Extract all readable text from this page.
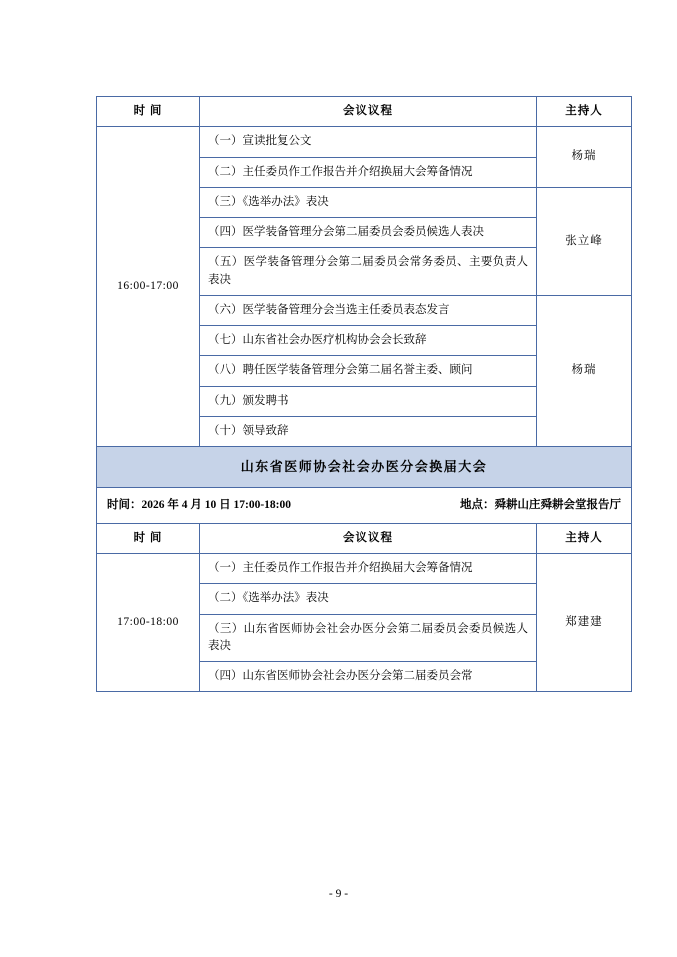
时 间	会议议程	主持人
16:00-17:00	（一）宣读批复公文	杨瑞
	（二）主任委员作工作报告并介绍换届大会筹备情况	
	（三）《选举办法》表决	张立峰
	（四）医学装备管理分会第二届委员会委员候选人表决	
	（五）医学装备管理分会第二届委员会常务委员、主要负责人表决	
	（六）医学装备管理分会当选主任委员表态发言	杨瑞
	（七）山东省社会办医疗机构协会会长致辞	
	（八）聘任医学装备管理分会第二届名誉主委、顾问	
	（九）颁发聘书	
	（十）领导致辞	
山东省医师协会社会办医分会换届大会		

时间：2026 年 4 月 10 日 17:00-18:00 地点：舜耕山庄舜耕会堂报告厅		

时 间	会议议程	主持人
17:00-18:00	（一）主任委员作工作报告并介绍换届大会筹备情况	郑建建
	（二）《选举办法》表决	
	（三）山东省医师协会社会办医分会第二届委员会委员候选人表决	
	（四）山东省医师协会社会办医分会第二届委员会常	
- 9 -
